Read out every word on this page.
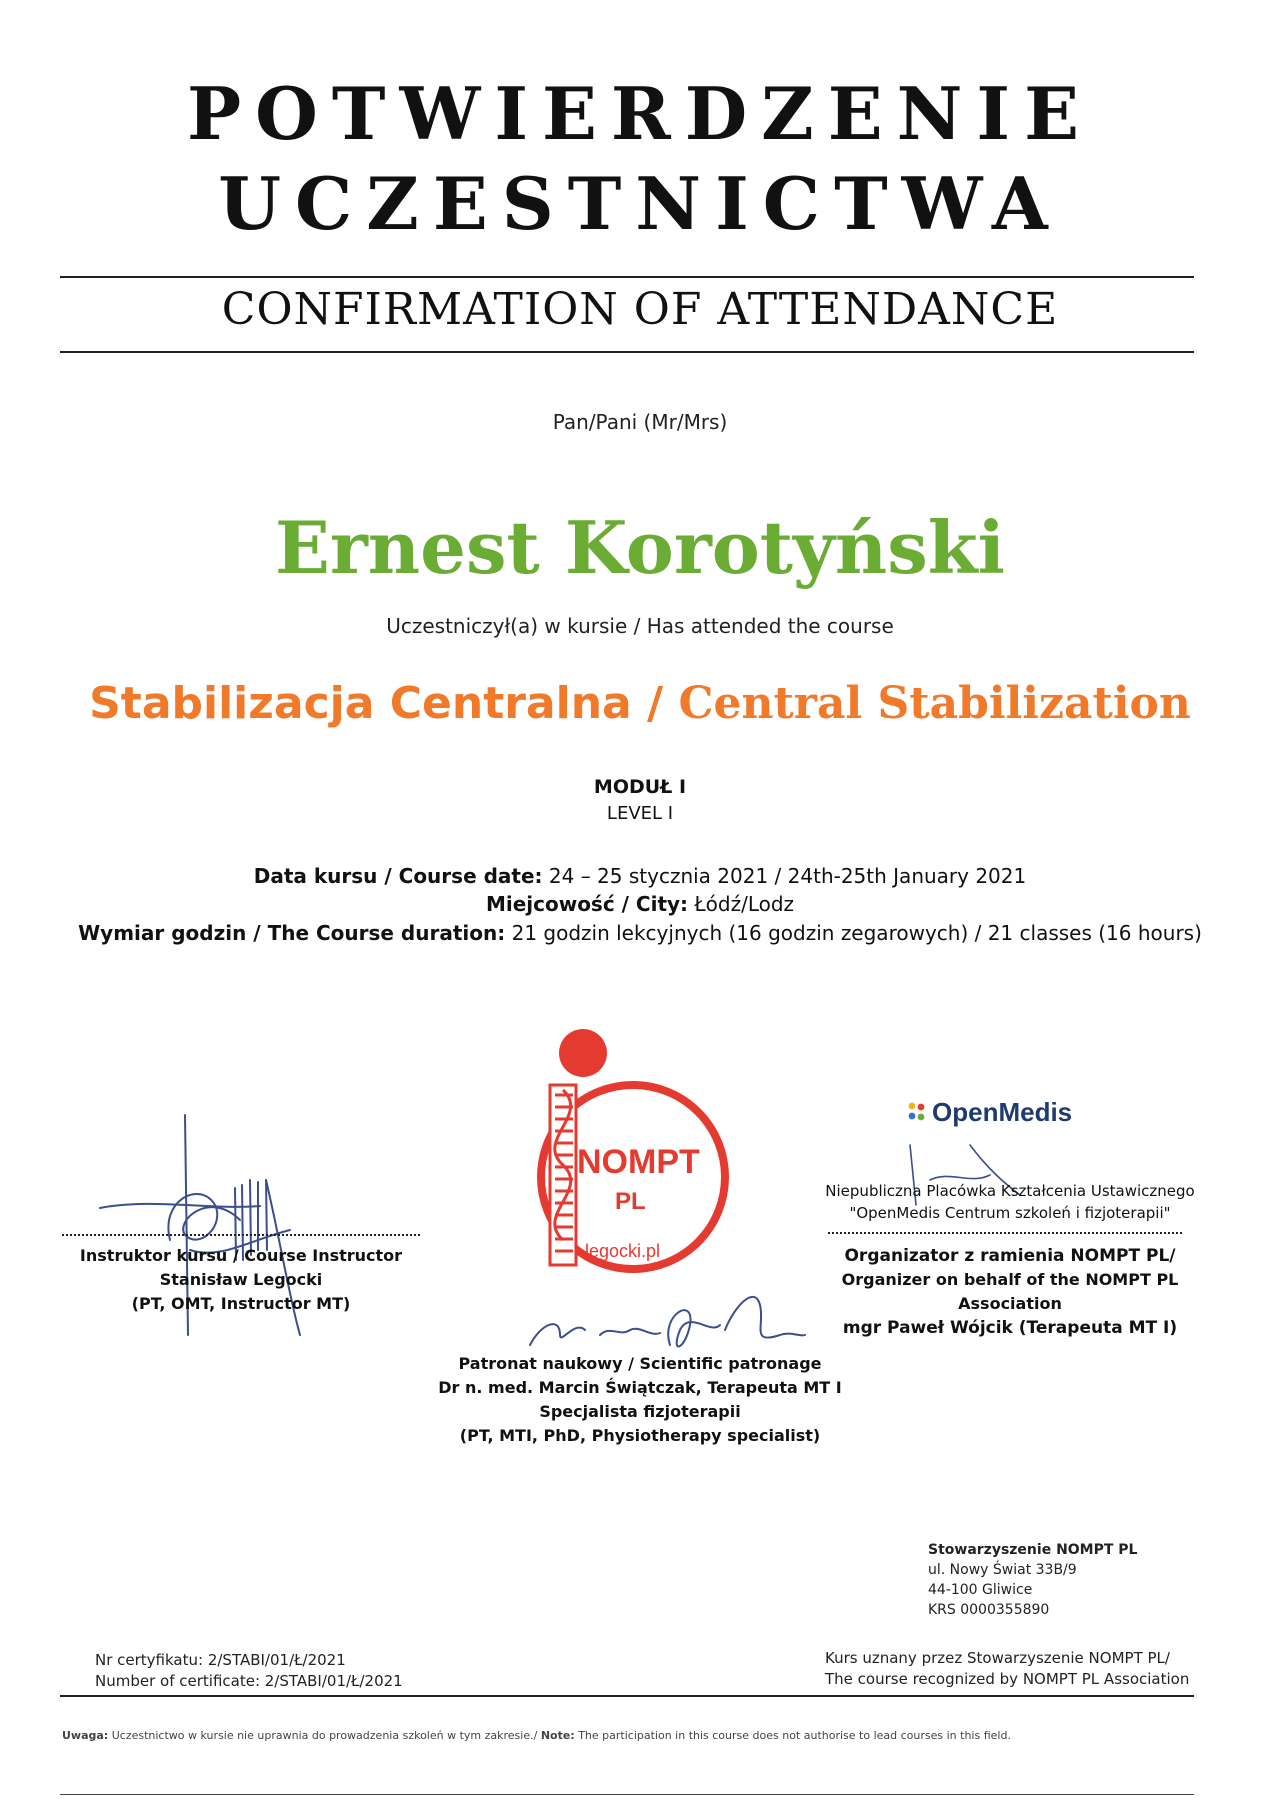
POTWIERDZENIE
UCZESTNICTWA
CONFIRMATION OF ATTENDANCE
Pan/Pani (Mr/Mrs)
Ernest Korotyński
Uczestniczył(a) w kursie / Has attended the course
Stabilizacja Centralna / Central Stabilization
MODUŁ I
LEVEL I
Data kursu / Course date: 24 – 25 stycznia 2021 / 24th-25th January 2021
Miejcowość / City: Łódź/Lodz
Wymiar godzin / The Course duration: 21 godzin lekcyjnych (16 godzin zegarowych) / 21 classes (16 hours)
Instruktor kursu / Course Instructor
Stanisław Legocki
(PT, OMT, Instructor MT)
NOMPT
PL
legocki.pl
Patronat naukowy / Scientific patronage
Dr n. med. Marcin Świątczak, Terapeuta MT I
Specjalista fizjoterapii
(PT, MTI, PhD, Physiotherapy specialist)
OpenMedis
Niepubliczna Placówka Kształcenia Ustawicznego
"OpenMedis Centrum szkoleń i fizjoterapii"
Organizator z ramienia NOMPT PL/
Organizer on behalf of the NOMPT PL
Association
mgr Paweł Wójcik (Terapeuta MT I)
Stowarzyszenie NOMPT PL
ul. Nowy Świat 33B/9
44-100 Gliwice
KRS 0000355890
Nr certyfikatu: 2/STABI/01/Ł/2021
Number of certificate: 2/STABI/01/Ł/2021
Kurs uznany przez Stowarzyszenie NOMPT PL/
The course recognized by NOMPT PL Association
Uwaga: Uczestnictwo w kursie nie uprawnia do prowadzenia szkoleń w tym zakresie./ Note: The participation in this course does not authorise to lead courses in this field.
